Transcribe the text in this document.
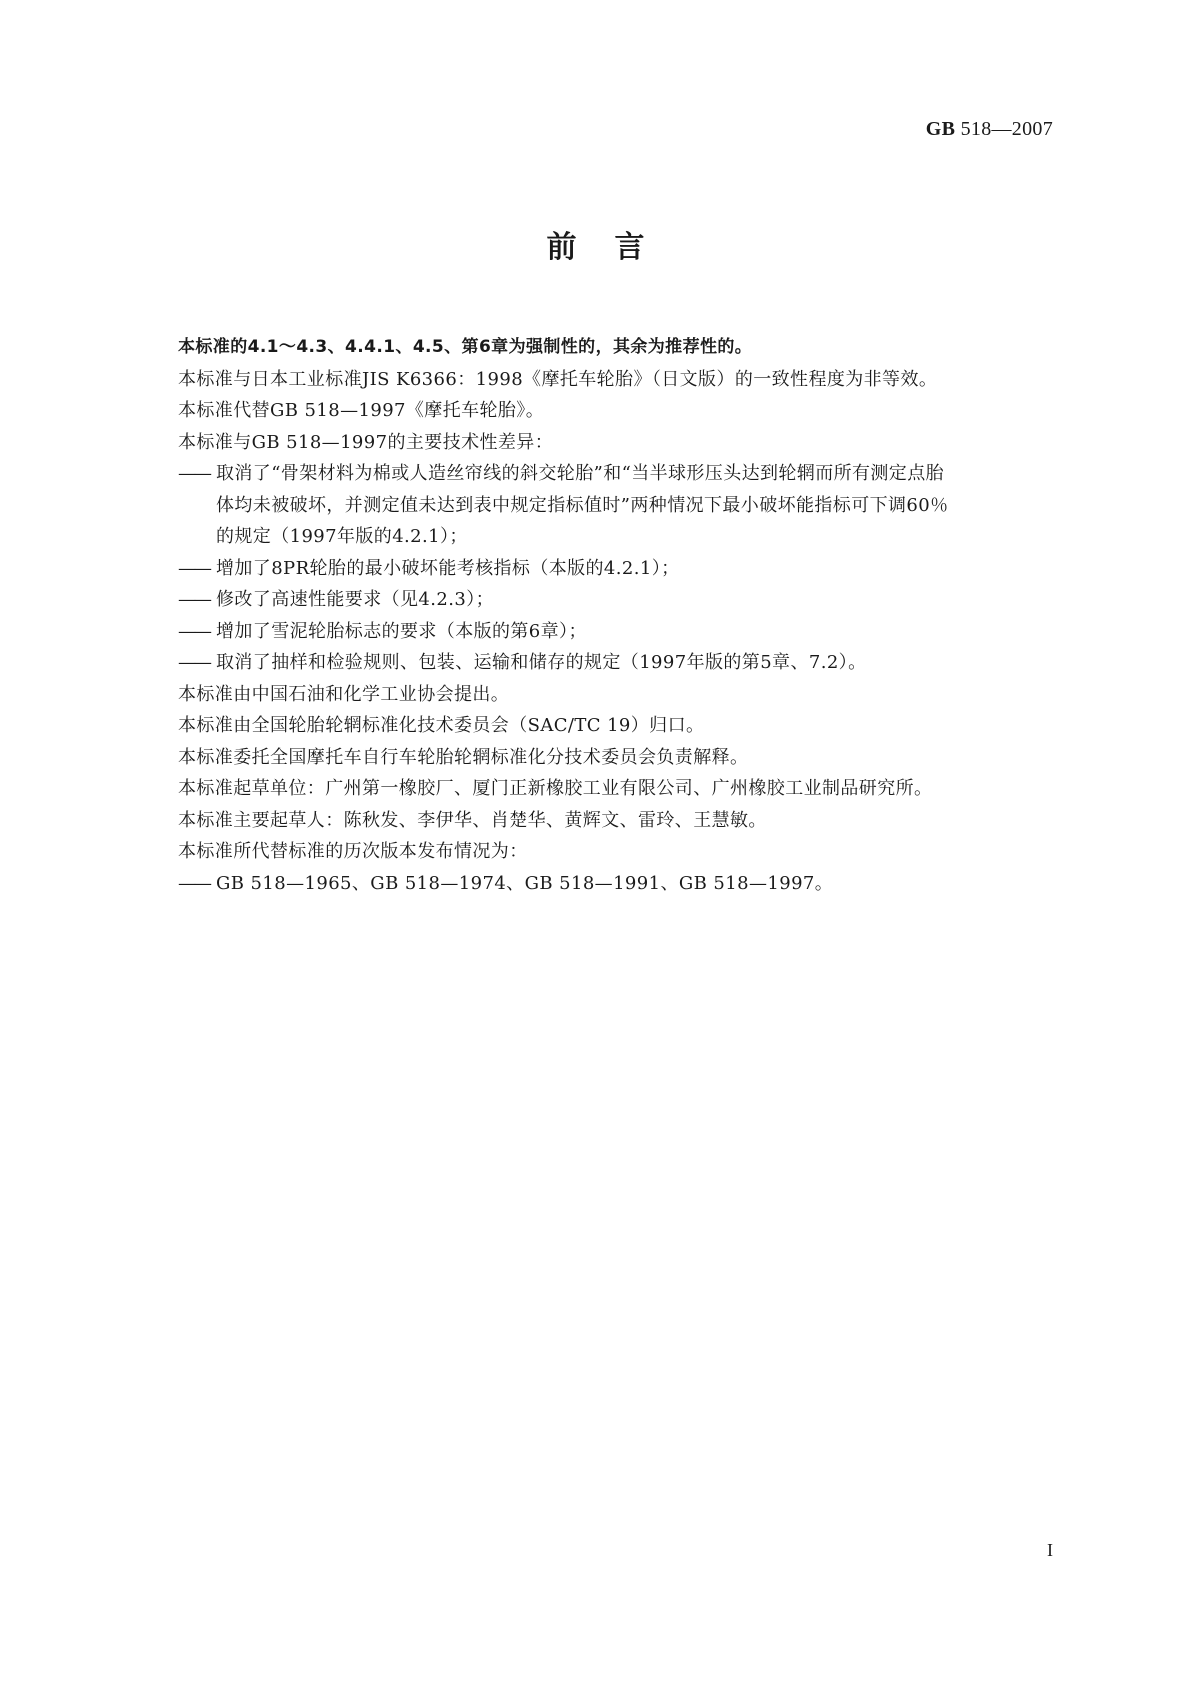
GB 518—2007
前言

本标准的4.1～4.3、4.4.1、4.5、第6章为强制性的，其余为推荐性的。

本标准与日本工业标准JIS K6366：1998《摩托车轮胎》（日文版）的一致性程度为非等效。

本标准代替GB 518—1997《摩托车轮胎》。

本标准与GB 518—1997的主要技术性差异：

—— 取消了“骨架材料为棉或人造丝帘线的斜交轮胎”和“当半球形压头达到轮辋而所有测定点胎

体均未被破坏，并测定值未达到表中规定指标值时”两种情况下最小破坏能指标可下调60％

的规定（1997年版的4.2.1）；

—— 增加了8PR轮胎的最小破坏能考核指标（本版的4.2.1）；

—— 修改了高速性能要求（见4.2.3）；

—— 增加了雪泥轮胎标志的要求（本版的第6章）；

—— 取消了抽样和检验规则、包装、运输和储存的规定（1997年版的第5章、7.2）。

本标准由中国石油和化学工业协会提出。

本标准由全国轮胎轮辋标准化技术委员会（SAC/TC 19）归口。

本标准委托全国摩托车自行车轮胎轮辋标准化分技术委员会负责解释。

本标准起草单位：广州第一橡胶厂、厦门正新橡胶工业有限公司、广州橡胶工业制品研究所。

本标准主要起草人：陈秋发、李伊华、肖楚华、黄辉文、雷玲、王慧敏。

本标准所代替标准的历次版本发布情况为：

—— GB 518—1965、GB 518—1974、GB 518—1991、GB 518—1997。

I
